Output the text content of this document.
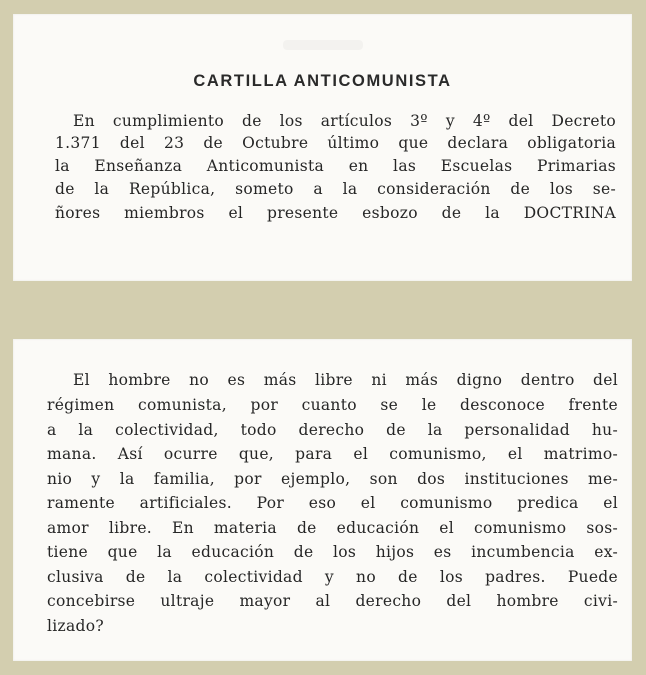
CARTILLA ANTICOMUNISTA
En cumplimiento de los artículos 3º y 4º del Decreto
1.371 del 23 de Octubre último que declara obligatoria
la Enseñanza Anticomunista en las Escuelas Primarias
de la República, someto a la consideración de los se-
ñores miembros el presente esbozo de la DOCTRINA
El hombre no es más libre ni más digno dentro del
régimen comunista, por cuanto se le desconoce frente
a la colectividad, todo derecho de la personalidad hu-
mana. Así ocurre que, para el comunismo, el matrimo-
nio y la familia, por ejemplo, son dos instituciones me-
ramente artificiales. Por eso el comunismo predica el
amor libre. En materia de educación el comunismo sos-
tiene que la educación de los hijos es incumbencia ex-
clusiva de la colectividad y no de los padres. Puede
concebirse ultraje mayor al derecho del hombre civi-
lizado?
